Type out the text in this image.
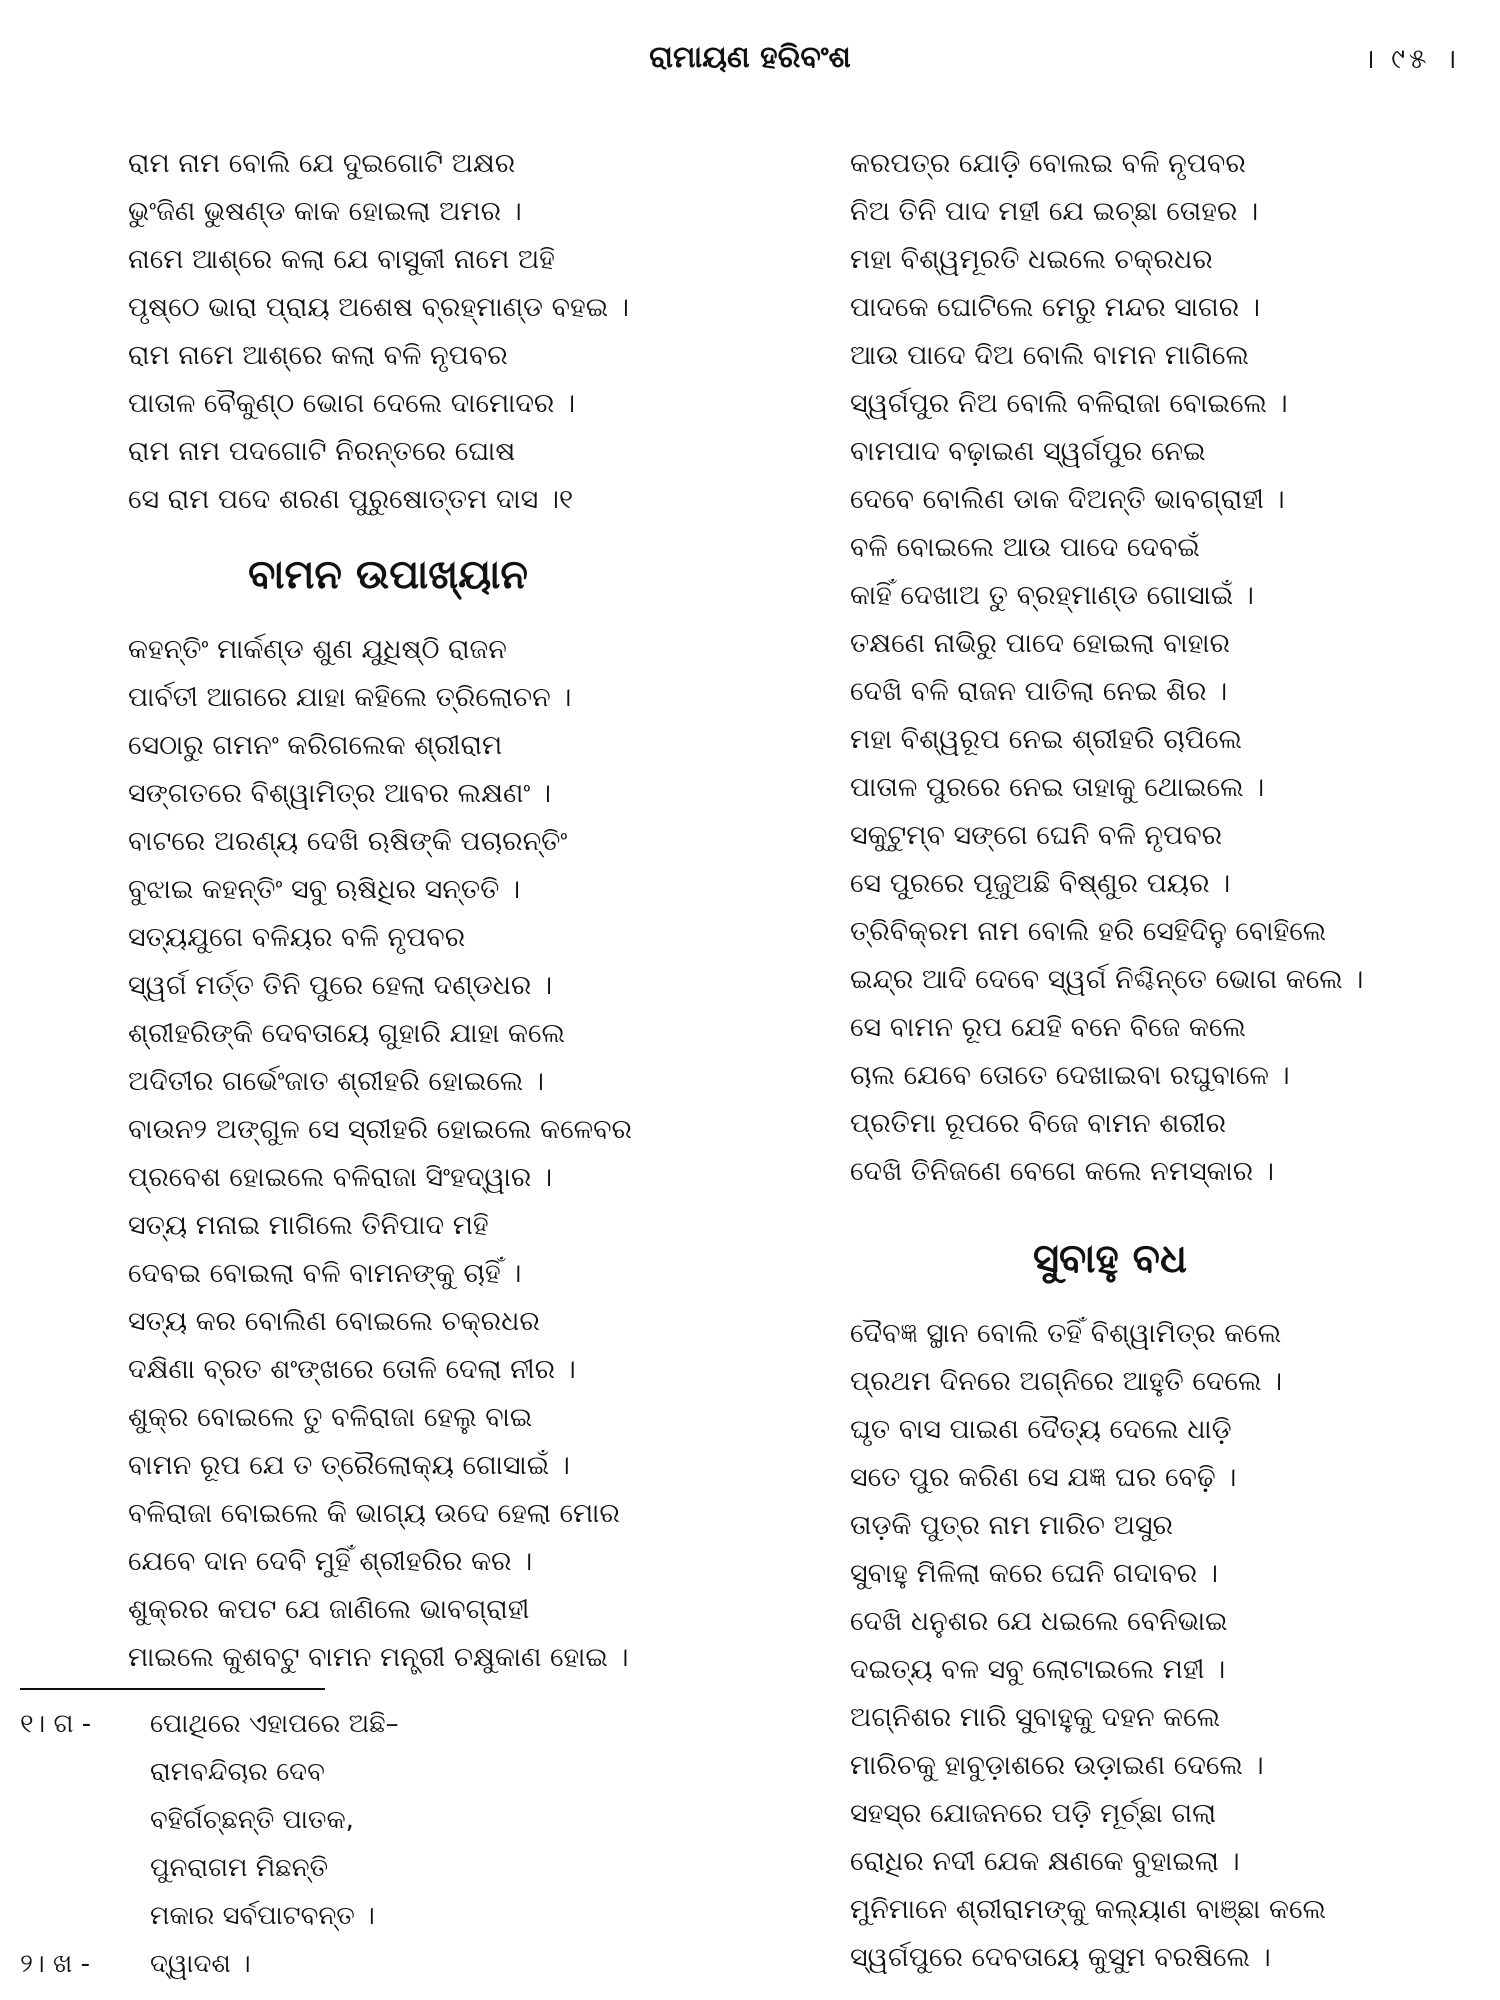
ରାମାୟଣ ହରିବଂଶ	। ୯୫ ।
ରାମ ନାମ ବୋଲି ଯେ ଦୁଇଗୋଟି ଅକ୍ଷର
ଭୁଂଜିଣ ଭୁଷଣ୍ଡ କାକ ହୋଇଲା ଅମର ।
ନାମେ ଆଶ୍ରେ କଲା ଯେ ବାସୁକୀ ନାମେ ଅହି
ପୃଷ୍ଠେ ଭାରା ପ୍ରାୟ ଅଶେଷ ବ୍ରହ୍ମାଣ୍ଡ ବହଇ ।
ରାମ ନାମେ ଆଶ୍ରେ କଲା ବଳି ନୃପବର
ପାତାଳ ବୈକୁଣ୍ଠ ଭୋଗ ଦେଲେ ଦାମୋଦର ।
ରାମ ନାମ ପଦଗୋଟି ନିରନ୍ତରେ ଘୋଷ
ସେ ରାମ ପଦେ ଶରଣ ପୁରୁଷୋତ୍ତମ ଦାସ ।୧
ବାମନ ଉପାଖ୍ୟାନ
କହନ୍ତିଂ ମାର୍କଣ୍ଡ ଶୁଣ ଯୁଧିଷ୍ଠି ରାଜନ
ପାର୍ବତୀ ଆଗରେ ଯାହା କହିଲେ ତ୍ରିଲୋଚନ ।
ସେଠାରୁ ଗମନଂ କରିଗଲେକ ଶ୍ରୀରାମ
ସଙ୍ଗତରେ ବିଶ୍ୱାମିତ୍ର ଆବର ଲକ୍ଷଣଂ ।
ବାଟରେ ଅରଣ୍ୟ ଦେଖି ଋଷିଙ୍କି ପଚାରନ୍ତିଂ
ବୁଝାଇ କହନ୍ତିଂ ସବୁ ଋଷିଧିର ସନ୍ତତି ।
ସତ୍ୟଯୁଗେ ବଳିୟର ବଳି ନୃପବର
ସ୍ୱର୍ଗ ମର୍ତ୍ତ ତିନି ପୁରେ ହେଲା ଦଣ୍ଡଧର ।
ଶ୍ରୀହରିଙ୍କି ଦେବତାୟେ ଗୁହାରି ଯାହା କଲେ
ଅଦିତୀର ଗର୍ଭେଂଜାତ ଶ୍ରୀହରି ହୋଇଲେ ।
ବାଉନ୨ ଅଙ୍ଗୁଳ ସେ ସ୍ରୀହରି ହୋଇଲେ କଳେବର
ପ୍ରବେଶ ହୋଇଲେ ବଳିରାଜା ସିଂହଦ୍ୱାର ।
ସତ୍ୟ ମନାଇ ମାଗିଲେ ତିନିପାଦ ମହି
ଦେବଇ ବୋଇଲା ବଳି ବାମନଙ୍କୁ ଚାହିଁ ।
ସତ୍ୟ କର ବୋଲିଣ ବୋଇଲେ ଚକ୍ରଧର
ଦକ୍ଷିଣା ବ୍ରତ ଶଂଙ୍ଖରେ ତୋଳି ଦେଲା ନୀର ।
ଶୁକ୍ର ବୋଇଲେ ତୁ ବଳିରାଜା ହେଲୁ ବାଇ
ବାମନ ରୂପ ଯେ ତ ତ୍ରୈଲୋକ୍ୟ ଗୋସାଇଁ ।
ବଳିରାଜା ବୋଇଲେ କି ଭାଗ୍ୟ ଉଦେ ହେଲା ମୋର
ଯେବେ ଦାନ ଦେବି ମୁହିଁ ଶ୍ରୀହରିର କର ।
ଶୁକ୍ରର କପଟ ଯେ ଜାଣିଲେ ଭାବଗ୍ରାହୀ
ମାଇଲେ କୁଶବଟୁ ବାମନ ମନ୍ତ୍ରୀ ଚକ୍ଷୁକାଣ ହୋଇ ।
କରପତ୍ର ଯୋଡ଼ି ବୋଲଇ ବଳି ନୃପବର
ନିଅ ତିନି ପାଦ ମହୀ ଯେ ଇଚ୍ଛା ତୋହର ।
ମହା ବିଶ୍ୱମୂରତି ଧଇଲେ ଚକ୍ରଧର
ପାଦକେ ଘୋଟିଲେ ମେରୁ ମନ୍ଦର ସାଗର ।
ଆଉ ପାଦେ ଦିଅ ବୋଲି ବାମନ ମାଗିଲେ
ସ୍ୱର୍ଗପୁର ନିଅ ବୋଲି ବଳିରାଜା ବୋଇଲେ ।
ବାମପାଦ ବଢ଼ାଇଣ ସ୍ୱର୍ଗପୁର ନେଇ
ଦେବେ ବୋଲିଣ ଡାକ ଦିଅନ୍ତି ଭାବଗ୍ରାହୀ ।
ବଳି ବୋଇଲେ ଆଉ ପାଦେ ଦେବଇଁ
କାହିଁ ଦେଖାଅ ତୁ ବ୍ରହ୍ମାଣ୍ଡ ଗୋସାଇଁ ।
ତକ୍ଷଣେ ନାଭିରୁ ପାଦେ ହୋଇଲା ବାହାର
ଦେଖି ବଳି ରାଜନ ପାତିଲା ନେଇ ଶିର ।
ମହା ବିଶ୍ୱରୂପ ନେଇ ଶ୍ରୀହରି ଚାପିଲେ
ପାତାଳ ପୁରରେ ନେଇ ତାହାକୁ ଥୋଇଲେ ।
ସକୁଟୁମ୍ବ ସଙ୍ଗେ ଘେନି ବଳି ନୃପବର
ସେ ପୁରରେ ପୂଜୁଅଛି ବିଷ୍ଣୁର ପୟର ।
ତ୍ରିବିକ୍ରମ ନାମ ବୋଲି ହରି ସେହିଦିନୁ ବୋହିଲେ
ଇନ୍ଦ୍ର ଆଦି ଦେବେ ସ୍ୱର୍ଗ ନିଶ୍ଚିନ୍ତେ ଭୋଗ କଲେ ।
ସେ ବାମନ ରୂପ ଯେହି ବନେ ବିଜେ କଲେ
ଚାଲ ଯେବେ ତୋତେ ଦେଖାଇବା ରଘୁବାଳେ ।
ପ୍ରତିମା ରୂପରେ ବିଜେ ବାମନ ଶରୀର
ଦେଖି ତିନିଜଣେ ବେଗେ କଲେ ନମସ୍କାର ।
ସୁବାହୁ ବଧ
ଦୈବଜ୍ଞ ସ୍ଥାନ ବୋଲି ତହିଁ ବିଶ୍ୱାମିତ୍ର କଲେ
ପ୍ରଥମ ଦିନରେ ଅଗ୍ନିରେ ଆହୁତି ଦେଲେ ।
ଘୃତ ବାସ ପାଇଣ ଦୈତ୍ୟ ଦେଲେ ଧାଡ଼ି
ସତେ ପୁର କରିଣ ସେ ଯଜ୍ଞ ଘର ବେଢ଼ି ।
ତାଡ଼କି ପୁତ୍ର ନାମ ମାରିଚ ଅସୁର
ସୁବାହୁ ମିଳିଲା କରେ ଘେନି ଗଦାବର ।
ଦେଖି ଧନୁଶର ଯେ ଧଇଲେ ବେନିଭାଇ
ଦଇତ୍ୟ ବଳ ସବୁ ଲୋଟାଇଲେ ମହୀ ।
ଅଗ୍ନିଶର ମାରି ସୁବାହୁକୁ ଦହନ କଲେ
ମାରିଚକୁ ହାବୁଡ଼ାଶରେ ଉଡ଼ାଇଣ ଦେଲେ ।
ସହସ୍ର ଯୋଜନରେ ପଡ଼ି ମୂର୍ଚ୍ଛା ଗଲା
ରୋଧିର ନଦୀ ଯେକ କ୍ଷଣକେ ବୁହାଇଲା ।
ମୁନିମାନେ ଶ୍ରୀରାମଙ୍କୁ କଲ୍ୟାଣ ବାଞ୍ଛା କଲେ
ସ୍ୱର୍ଗପୁରେ ଦେବତାୟେ କୁସୁମ ବରଷିଲେ ।
୧। ଗ - ପୋଥିରେ ଏହାପରେ ଅଛି–
ରାମବନ୍ଦିଚାର ଦେବ
ବହିର୍ଗଚ୍ଛନ୍ତି ପାତକ,
ପୁନରାଗମ ମିଛନ୍ତି
ମକାର ସର୍ବପାଟବନ୍ତ ।
୨। ଖ - ଦ୍ୱାଦଶ ।
